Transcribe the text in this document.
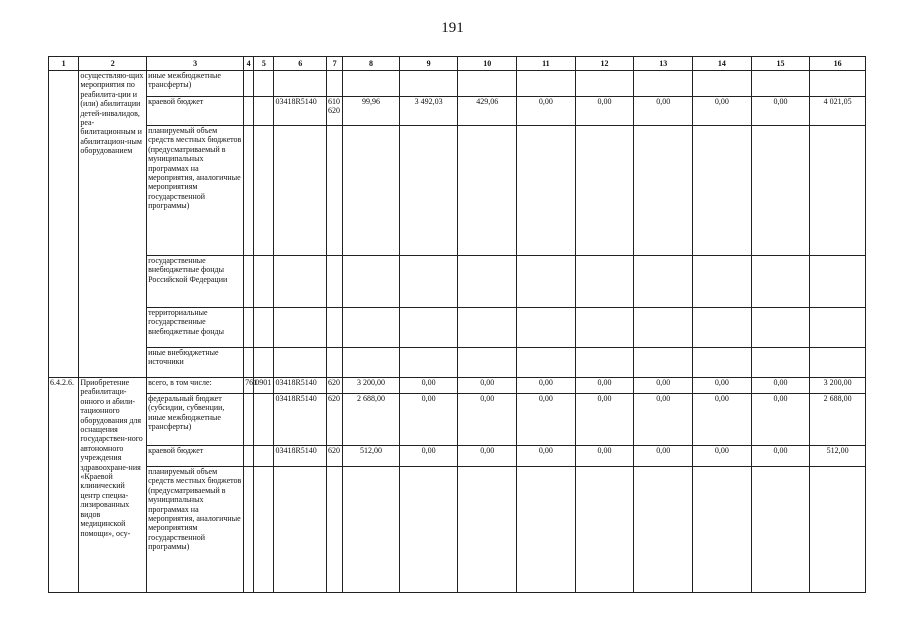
191
1	2	3	4	5	6	7	8	9	10	11	12	13	14	15	16
	осуществляю-щих мероприятия по реабилита-ции и (или) абилитации детей-инвалидов, реа-билитационным и абилитацион-ным оборудованием	иные межбюджетные трансферты)													
		краевой бюджет			03418R5140	610 620	99,96	3 492,03	429,06	0,00	0,00	0,00	0,00	0,00	4 021,05
		планируемый объем средств местных бюджетов (предусматриваемый в муниципальных программах на мероприятия, аналогичные мероприятиям государственной программы)													
		государственные внебюджетные фонды Российской Федерации													
		территориальные государственные внебюджетные фонды													
		иные внебюджетные источники													
6.4.2.6.	Приобретение реабилитаци-онного и абили-тационного оборудования для оснащения государствен-ного автономного учреждения здравоохране-ния «Краевой клинический центр специа-лизированных видов медицинской помощи», осу-	всего, в том числе:	761	0901	03418R5140	620	3 200,00	0,00	0,00	0,00	0,00	0,00	0,00	0,00	3 200,00
		федеральный бюджет (субсидии, субвенции, иные межбюджетные трансферты)			03418R5140	620	2 688,00	0,00	0,00	0,00	0,00	0,00	0,00	0,00	2 688,00
		краевой бюджет			03418R5140	620	512,00	0,00	0,00	0,00	0,00	0,00	0,00	0,00	512,00
		планируемый объем средств местных бюджетов (предусматриваемый в муниципальных программах на мероприятия, аналогичные мероприятиям государственной программы)													
